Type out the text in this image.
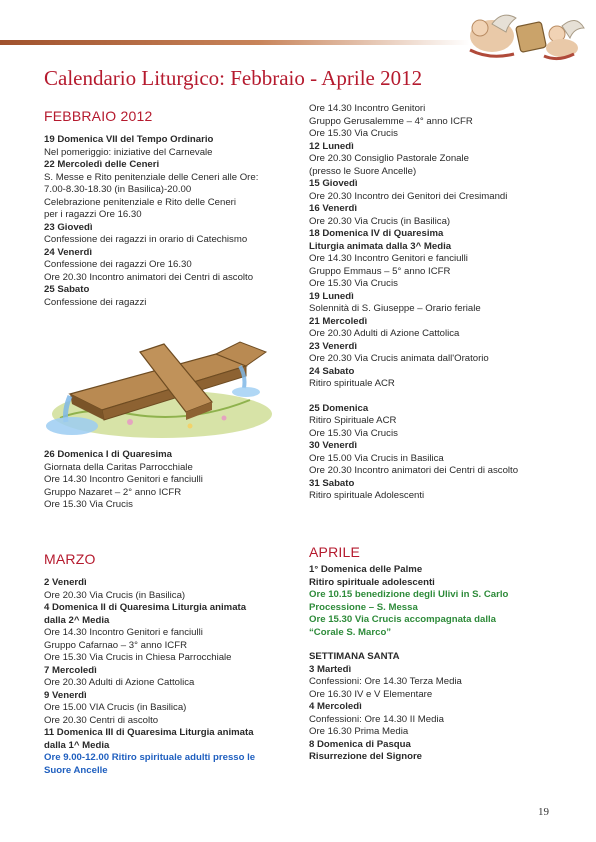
Calendario Liturgico: Febbraio - Aprile 2012
FEBBRAIO 2012
19 Domenica VII del Tempo Ordinario
Nel pomeriggio: iniziative del Carnevale
22 Mercoledì delle Ceneri
S. Messe e Rito penitenziale delle Ceneri alle Ore:
7.00-8.30-18.30 (in Basilica)-20.00
Celebrazione penitenziale e Rito delle Ceneri
per i ragazzi Ore 16.30
23 Giovedì
Confessione dei ragazzi in orario di Catechismo
24 Venerdì
Confessione dei ragazzi Ore 16.30
Ore 20.30 Incontro animatori dei Centri di ascolto
25 Sabato
Confessione dei ragazzi
26 Domenica I di Quaresima
Giornata della Caritas Parrocchiale
Ore 14.30 Incontro Genitori e fanciulli
Gruppo Nazaret – 2° anno ICFR
Ore 15.30 Via Crucis
Ore 14.30 Incontro Genitori
Gruppo Gerusalemme – 4° anno ICFR
Ore 15.30 Via Crucis
12 Lunedì
Ore 20.30 Consiglio Pastorale Zonale
(presso le Suore Ancelle)
15 Giovedì
Ore 20.30 Incontro dei Genitori dei Cresimandi
16 Venerdì
Ore 20.30 Via Crucis (in Basilica)
18 Domenica IV di Quaresima
Liturgia animata dalla 3^ Media
Ore 14.30 Incontro Genitori e fanciulli
Gruppo Emmaus – 5° anno ICFR
Ore 15.30 Via Crucis
19 Lunedì
Solennità di S. Giuseppe – Orario feriale
21 Mercoledì
Ore 20.30 Adulti di Azione Cattolica
23 Venerdì
Ore 20.30 Via Crucis animata dall'Oratorio
24 Sabato
Ritiro spirituale ACR
25 Domenica
Ritiro Spirituale ACR
Ore 15.30 Via Crucis
30 Venerdì
Ore 15.00 Via Crucis in Basilica
Ore 20.30 Incontro animatori dei Centri di ascolto
31 Sabato
Ritiro spirituale Adolescenti
MARZO
2 Venerdì
Ore 20.30 Via Crucis (in Basilica)
4 Domenica II di Quaresima Liturgia animata
dalla 2^ Media
Ore 14.30 Incontro Genitori e fanciulli
Gruppo Cafarnao – 3° anno ICFR
Ore 15.30 Via Crucis in Chiesa Parrocchiale
7 Mercoledì
Ore 20.30 Adulti di Azione Cattolica
9 Venerdì
Ore 15.00 VIA Crucis (in Basilica)
Ore 20.30 Centri di ascolto
11 Domenica III di Quaresima Liturgia animata
dalla 1^ Media
Ore 9.00-12.00 Ritiro spirituale adulti presso le
Suore Ancelle
APRILE
1° Domenica delle Palme
Ritiro spirituale adolescenti
Ore 10.15 benedizione degli Ulivi in S. Carlo
Processione – S. Messa
Ore 15.30 Via Crucis accompagnata dalla
“Corale S. Marco”
SETTIMANA SANTA
3 Martedì
Confessioni: Ore 14.30 Terza Media
Ore 16.30 IV e V Elementare
4 Mercoledì
Confessioni: Ore 14.30 II Media
Ore 16.30 Prima Media
8 Domenica di Pasqua
Risurrezione del Signore
19
